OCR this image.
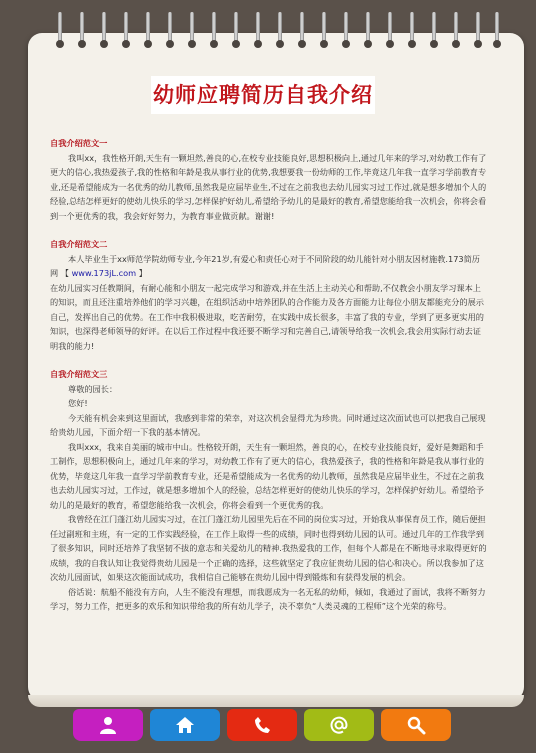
幼师应聘简历自我介绍
自我介绍范文一

我叫xx，我性格开朗,天生有一颗坦然,善良的心,在校专业技能良好,思想积极向上,通过几年来的学习,对幼教工作有了更大的信心,我热爱孩子,我的性格和年龄是我从事行业的优势,我想要我一份幼师的工作,毕竟这几年我一直学习学前教育专业,还是希望能成为一名优秀的幼儿教师,虽然我是应届毕业生,不过在之前我也去幼儿园实习过工作过,就是想多增加个人的经验,总结怎样更好的使幼儿快乐的学习,怎样保护好幼儿,希望给予幼儿的是最好的教育,希望您能给我一次机会，你将会看到一个更优秀的我，我会好好努力，为教育事业做贡献。谢谢!

自我介绍范文二

本人毕业生于xx师范学院幼师专业,今年21岁,有爱心和责任心对于不同阶段的幼儿能针对小朋友因材施教.173简历网 【 www.173jL.com 】

在幼儿园实习任教期间，有耐心能和小朋友一起完成学习和游戏,并在生活上主动关心和帮助,不仅教会小朋友学习课本上的知识，而且还注重培养他们的学习兴趣，在组织活动中培养团队的合作能力及各方面能力让每位小朋友都能充分的展示自己，发挥出自己的优势。在工作中我积极进取，吃苦耐劳，在实践中成长很多，丰富了我的专业，学到了更多更实用的知识，也深得老师领导的好评。在以后工作过程中我还要不断学习和完善自己,请领导给我一次机会,我会用实际行动去证明我的能力!

自我介绍范文三

尊敬的园长：

您好!

今天能有机会来到这里面试，我感到非常的荣幸，对这次机会显得尤为珍贵。同时通过这次面试也可以把我自己展现给贵幼儿园，下面介绍一下我的基本情况。

我叫xxx，我来自美丽的城市中山。性格较开朗，天生有一颗坦然，善良的心，在校专业技能良好，爱好是舞蹈和手工制作，思想积极向上，通过几年来的学习，对幼教工作有了更大的信心，我热爱孩子，我的性格和年龄是我从事行业的优势，毕竟这几年我一直学习学前教育专业，还是希望能成为一名优秀的幼儿教师，虽然我是应届毕业生，不过在之前我也去幼儿园实习过，工作过，就是想多增加个人的经验，总结怎样更好的使幼儿快乐的学习，怎样保护好幼儿。希望给予幼儿的是最好的教育，希望您能给我一次机会，你将会看到一个更优秀的我。

我曾经在江门蓬江幼儿园实习过，在江门蓬江幼儿园里先后在不同的岗位实习过，开始我从事保育员工作，随后便担任过副班和主班，有一定的工作实践经验，在工作上取得一些的成绩，同时也得到幼儿园的认可。通过几年的工作我学到了很多知识，同时还培养了我坚韧不拔的意志和关爱幼儿的精神.我热爱我的工作，但每个人都是在不断地寻求取得更好的成绩，我的自我认知让我觉得贵幼儿园是一个正确的选择，这些就坚定了我应征贵幼儿园的信心和决心。所以我参加了这次幼儿园面试，如果这次能面试成功，我相信自己能够在贵幼儿园中得到锻炼和有获得发展的机会。

俗话说：航船不能没有方向，人生不能没有理想，而我愿成为一名无私的幼师，倾如，我通过了面试，我将不断努力学习，努力工作，把更多的欢乐和知识带给我的所有幼儿学子，决不辜负“人类灵魂的工程师”这个光荣的称号。
